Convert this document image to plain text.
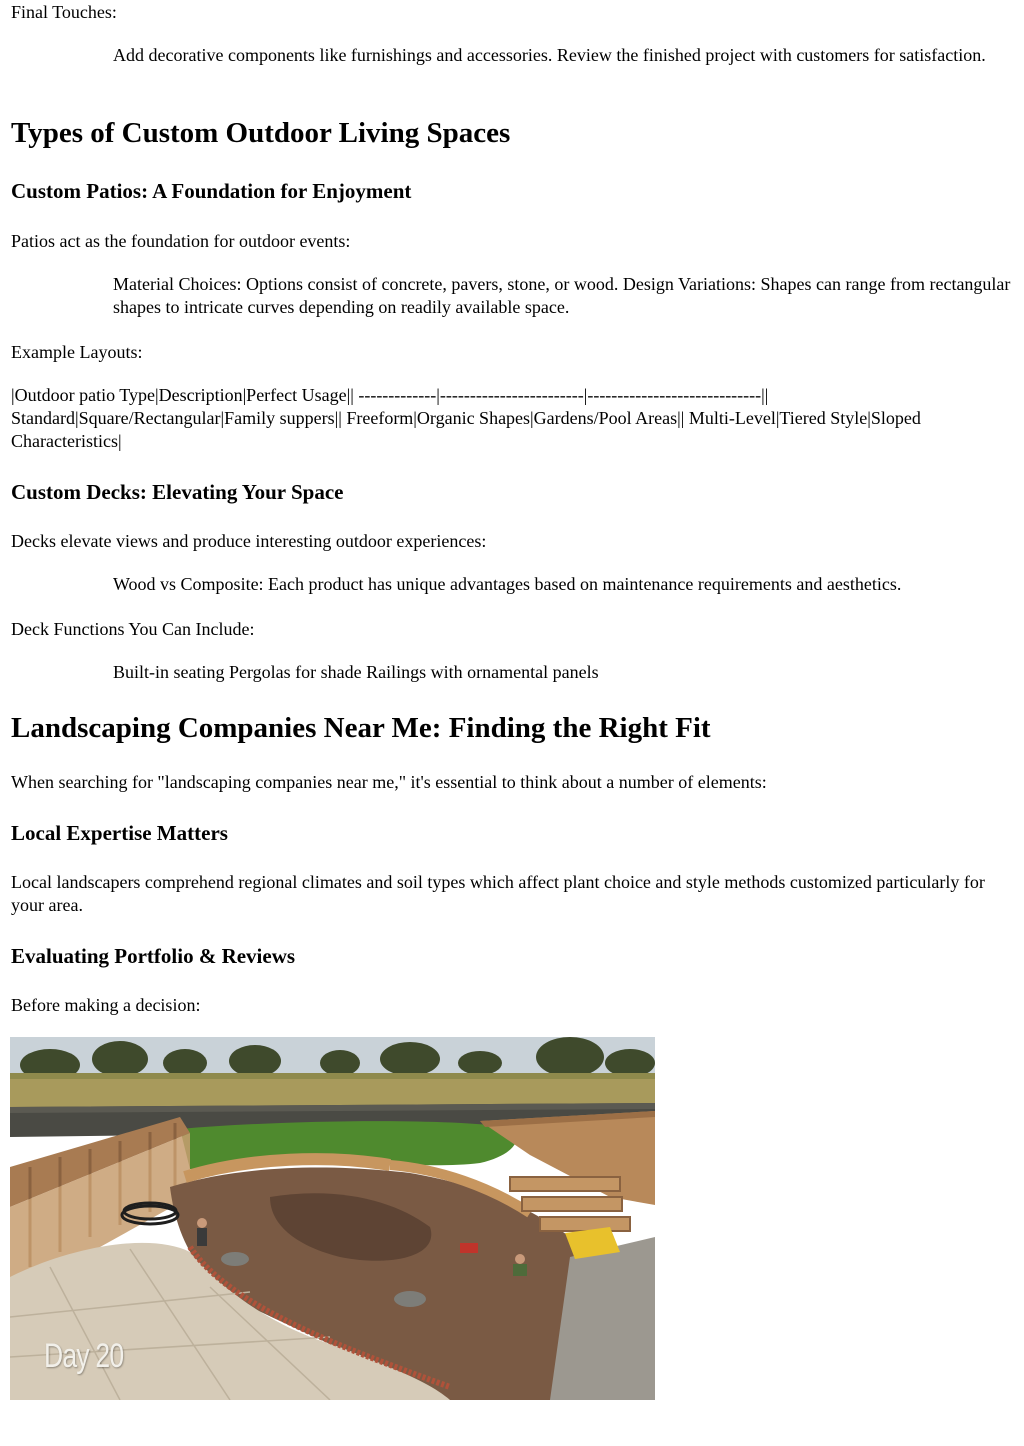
Final Touches:

Add decorative components like furnishings and accessories. Review the finished project with customers for satisfaction.

Types of Custom Outdoor Living Spaces
Custom Patios: A Foundation for Enjoyment

Patios act as the foundation for outdoor events:

Material Choices: Options consist of concrete, pavers, stone, or wood. Design Variations: Shapes can range from rectangular shapes to intricate curves depending on readily available space.

Example Layouts:

|Outdoor patio Type|Description|Perfect Usage|| -------------|------------------------|-----------------------------|| Standard|Square/Rectangular|Family suppers|| Freeform|Organic Shapes|Gardens/Pool Areas|| Multi-Level|Tiered Style|Sloped Characteristics|

Custom Decks: Elevating Your Space

Decks elevate views and produce interesting outdoor experiences:

Wood vs Composite: Each product has unique advantages based on maintenance requirements and aesthetics.

Deck Functions You Can Include:

Built-in seating Pergolas for shade Railings with ornamental panels

Landscaping Companies Near Me: Finding the Right Fit

When searching for "landscaping companies near me," it's essential to think about a number of elements:

Local Expertise Matters

Local landscapers comprehend regional climates and soil types which affect plant choice and style methods customized particularly for your area.

Evaluating Portfolio & Reviews

Before making a decision:

Day 20
